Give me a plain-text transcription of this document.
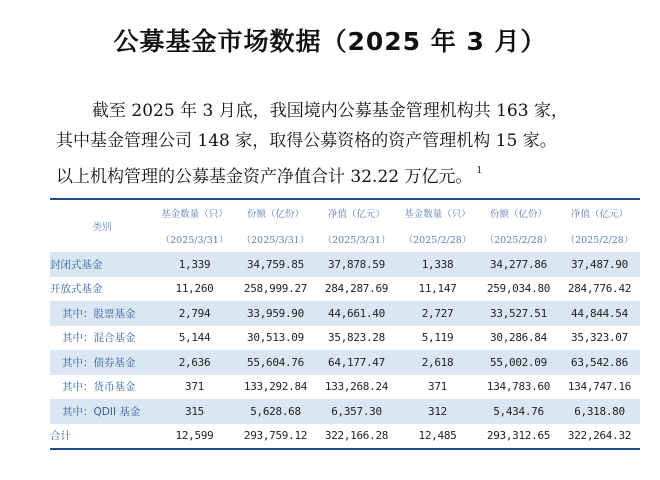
公募基金市场数据（2025 年 3 月）
截至 2025 年 3 月底，我国境内公募基金管理机构共 163 家，
其中基金管理公司 148 家，取得公募资格的资产管理机构 15 家。
以上机构管理的公募基金资产净值合计 32.22 万亿元。 $^1$
类别	基金数量（只）	份额（亿份）	净值（亿元）	基金数量（只）	份额（亿份）	净值（亿元）
	（2025/3/31）	（2025/3/31）	（2025/3/31）	（2025/2/28）	（2025/2/28）	（2025/2/28）
封闭式基金	1,339	34,759.85	37,878.59	1,338	34,277.86	37,487.90
开放式基金	11,260	258,999.27	284,287.69	11,147	259,034.80	284,776.42
其中：股票基金	2,794	33,959.90	44,661.40	2,727	33,527.51	44,844.54
其中：混合基金	5,144	30,513.09	35,823.28	5,119	30,286.84	35,323.07
其中：债券基金	2,636	55,604.76	64,177.47	2,618	55,002.09	63,542.86
其中：货币基金	371	133,292.84	133,268.24	371	134,783.60	134,747.16
其中：QDII 基金	315	5,628.68	6,357.30	312	5,434.76	6,318.80
合计	12,599	293,759.12	322,166.28	12,485	293,312.65	322,264.32
